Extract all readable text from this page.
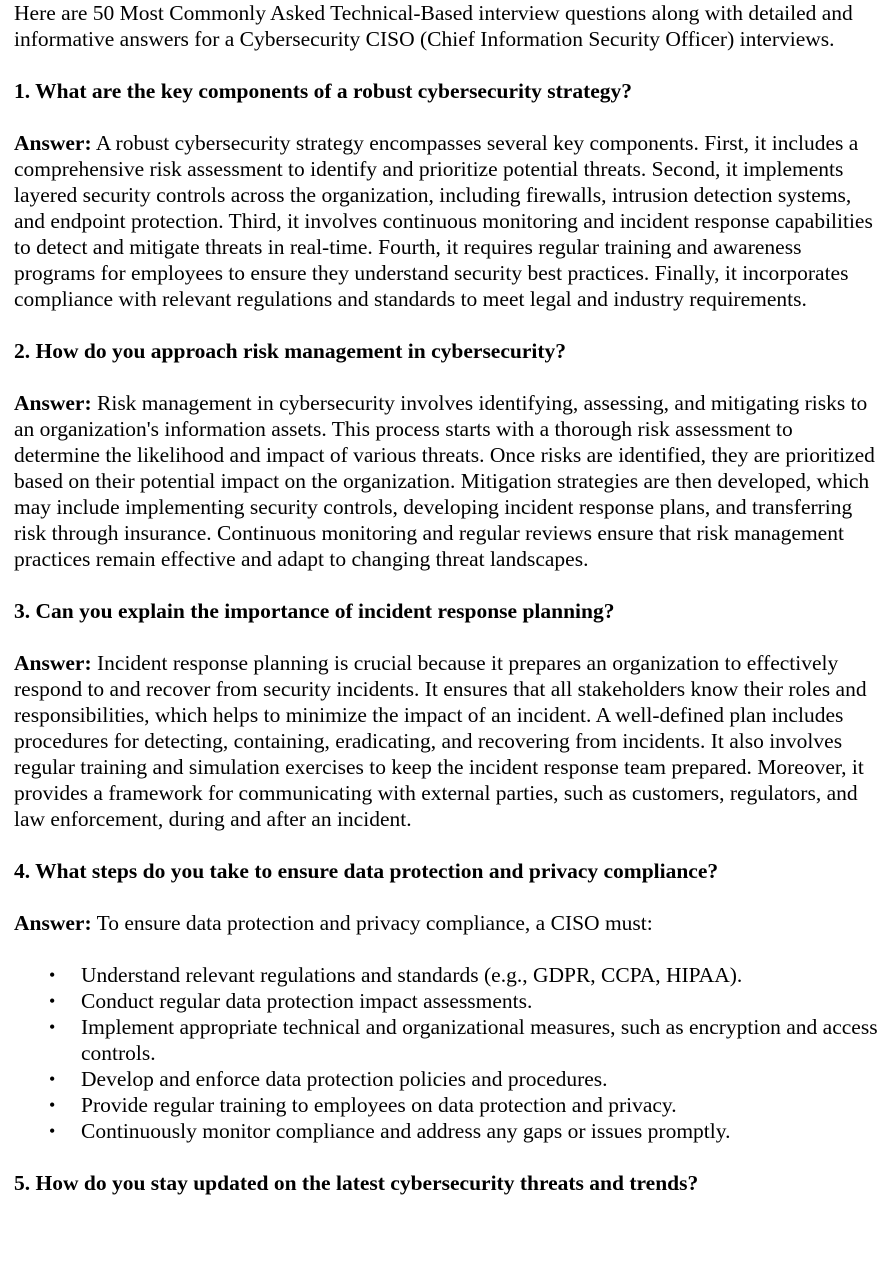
Here are 50 Most Commonly Asked Technical-Based interview questions along with detailed and informative answers for a Cybersecurity CISO (Chief Information Security Officer) interviews.

1. What are the key components of a robust cybersecurity strategy?

Answer: A robust cybersecurity strategy encompasses several key components. First, it includes a comprehensive risk assessment to identify and prioritize potential threats. Second, it implements layered security controls across the organization, including firewalls, intrusion detection systems, and endpoint protection. Third, it involves continuous monitoring and incident response capabilities to detect and mitigate threats in real-time. Fourth, it requires regular training and awareness programs for employees to ensure they understand security best practices. Finally, it incorporates compliance with relevant regulations and standards to meet legal and industry requirements.

2. How do you approach risk management in cybersecurity?

Answer: Risk management in cybersecurity involves identifying, assessing, and mitigating risks to an organization's information assets. This process starts with a thorough risk assessment to determine the likelihood and impact of various threats. Once risks are identified, they are prioritized based on their potential impact on the organization. Mitigation strategies are then developed, which may include implementing security controls, developing incident response plans, and transferring risk through insurance. Continuous monitoring and regular reviews ensure that risk management practices remain effective and adapt to changing threat landscapes.

3. Can you explain the importance of incident response planning?

Answer: Incident response planning is crucial because it prepares an organization to effectively respond to and recover from security incidents. It ensures that all stakeholders know their roles and responsibilities, which helps to minimize the impact of an incident. A well-defined plan includes procedures for detecting, containing, eradicating, and recovering from incidents. It also involves regular training and simulation exercises to keep the incident response team prepared. Moreover, it provides a framework for communicating with external parties, such as customers, regulators, and law enforcement, during and after an incident.

4. What steps do you take to ensure data protection and privacy compliance?

Answer: To ensure data protection and privacy compliance, a CISO must:

• Understand relevant regulations and standards (e.g., GDPR, CCPA, HIPAA).
• Conduct regular data protection impact assessments.
• Implement appropriate technical and organizational measures, such as encryption and access controls.
• Develop and enforce data protection policies and procedures.
• Provide regular training to employees on data protection and privacy.
• Continuously monitor compliance and address any gaps or issues promptly.

5. How do you stay updated on the latest cybersecurity threats and trends?
